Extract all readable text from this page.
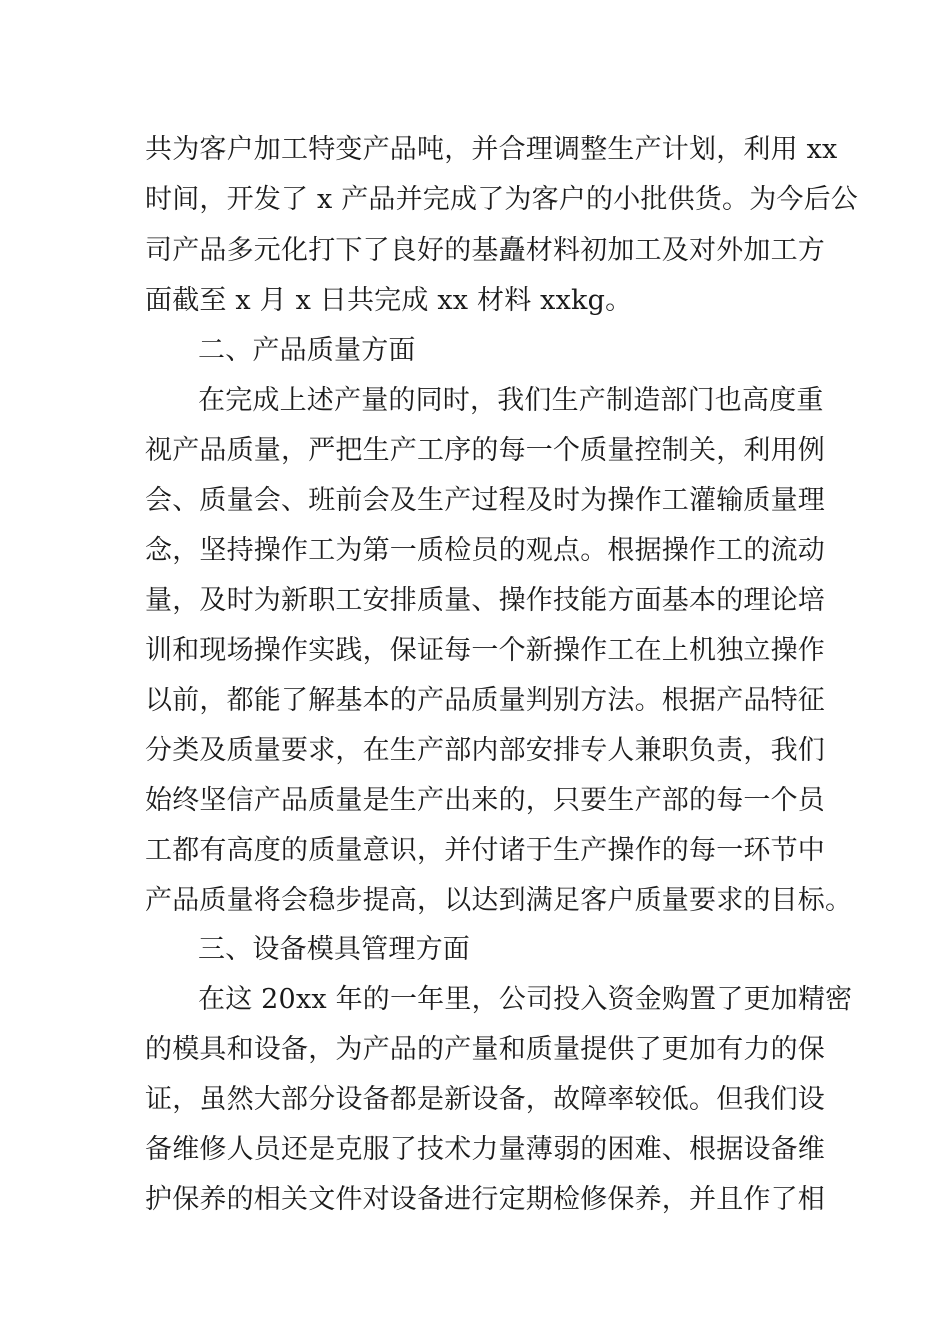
共为客户加工特变产品吨，并合理调整生产计划，利用 xx
时间，开发了 x 产品并完成了为客户的小批供货。为今后公
司产品多元化打下了良好的基矗材料初加工及对外加工方
面截至 x 月 x 日共完成 xx 材料 xxkg。
二、产品质量方面
在完成上述产量的同时，我们生产制造部门也高度重
视产品质量，严把生产工序的每一个质量控制关，利用例
会、质量会、班前会及生产过程及时为操作工灌输质量理
念，坚持操作工为第一质检员的观点。根据操作工的流动
量，及时为新职工安排质量、操作技能方面基本的理论培
训和现场操作实践，保证每一个新操作工在上机独立操作
以前，都能了解基本的产品质量判别方法。根据产品特征
分类及质量要求，在生产部内部安排专人兼职负责，我们
始终坚信产品质量是生产出来的，只要生产部的每一个员
工都有高度的质量意识，并付诸于生产操作的每一环节中
产品质量将会稳步提高，以达到满足客户质量要求的目标。
三、设备模具管理方面
在这 20xx 年的一年里，公司投入资金购置了更加精密
的模具和设备，为产品的产量和质量提供了更加有力的保
证，虽然大部分设备都是新设备，故障率较低。但我们设
备维修人员还是克服了技术力量薄弱的困难、根据设备维
护保养的相关文件对设备进行定期检修保养，并且作了相
